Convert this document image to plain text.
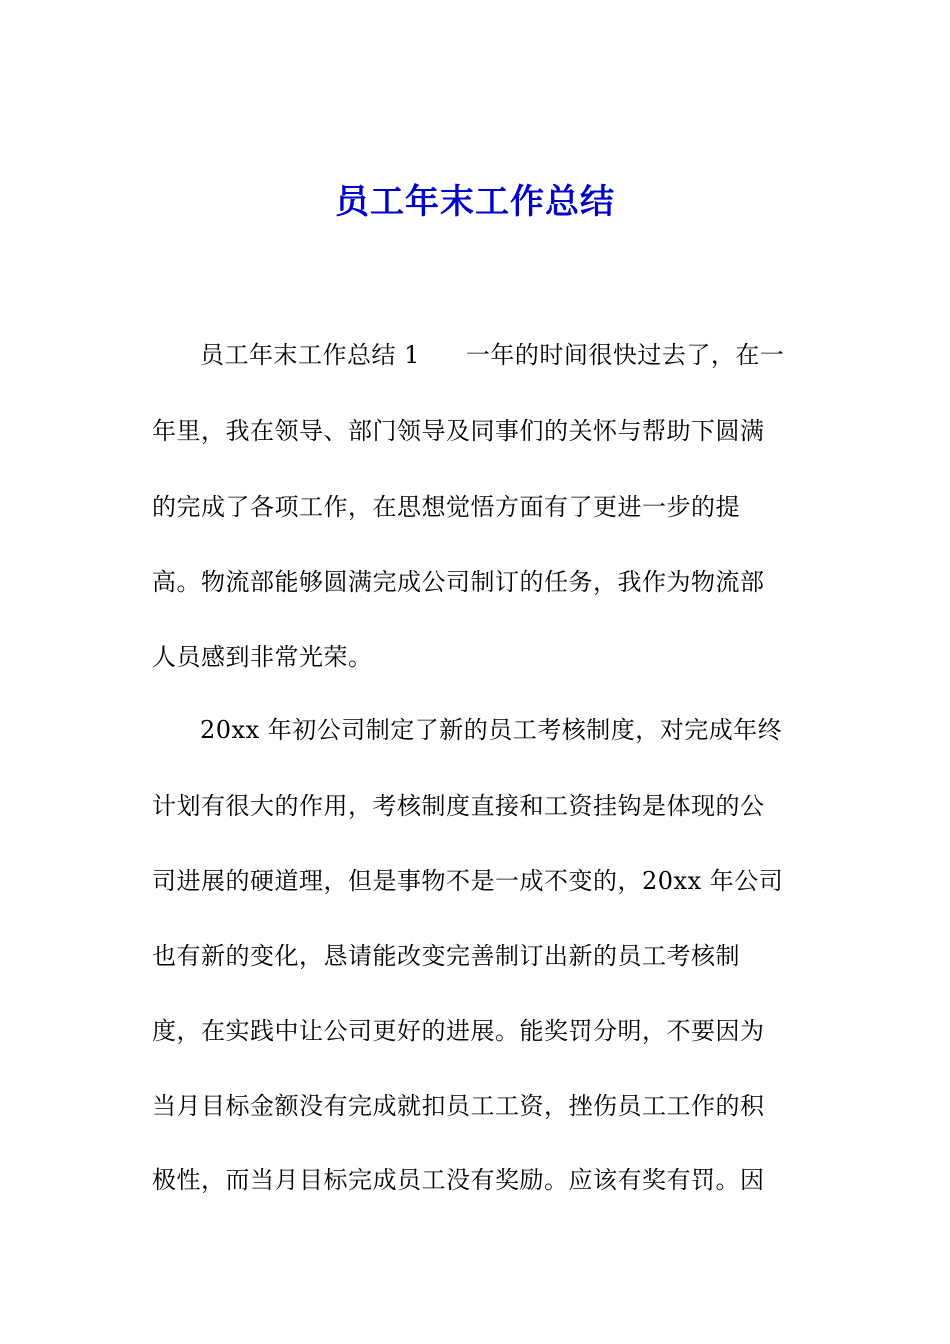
员工年末工作总结
员工年末工作总结 1 一年的时间很快过去了，在一
年里，我在领导、部门领导及同事们的关怀与帮助下圆满
的完成了各项工作，在思想觉悟方面有了更进一步的提
高。物流部能够圆满完成公司制订的任务，我作为物流部
人员感到非常光荣。
20xx 年初公司制定了新的员工考核制度，对完成年终
计划有很大的作用，考核制度直接和工资挂钩是体现的公
司进展的硬道理，但是事物不是一成不变的，20xx 年公司
也有新的变化，恳请能改变完善制订出新的员工考核制
度，在实践中让公司更好的进展。能奖罚分明，不要因为
当月目标金额没有完成就扣员工工资，挫伤员工工作的积
极性，而当月目标完成员工没有奖励。应该有奖有罚。因
